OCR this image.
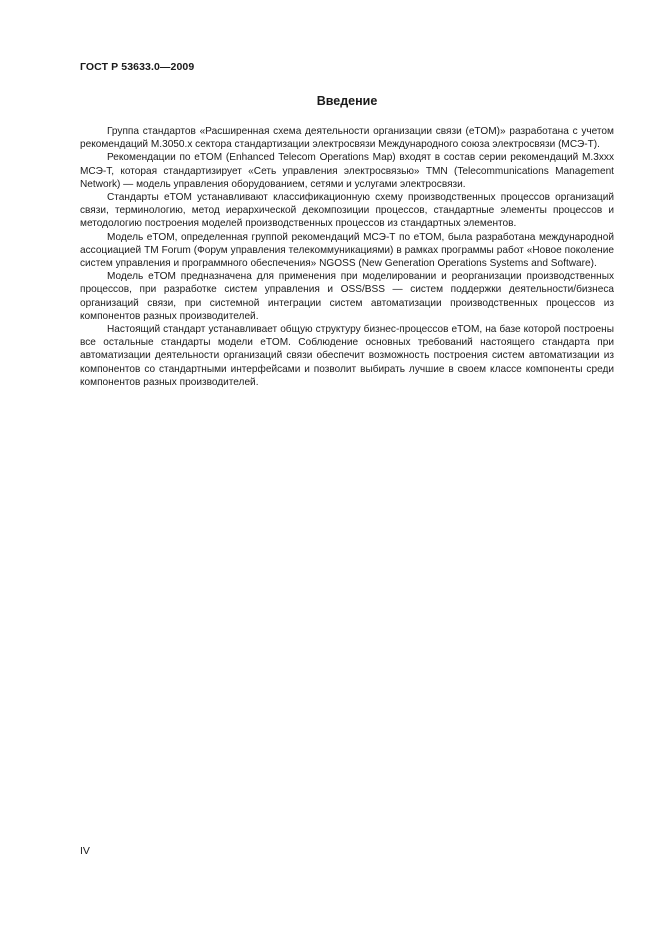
ГОСТ Р 53633.0—2009
Введение

Группа стандартов «Расширенная схема деятельности организации связи (eTOM)» разработана с учетом рекомендаций M.3050.x сектора стандартизации электросвязи Международного союза электросвязи (МСЭ-Т).

Рекомендации по eTOM (Enhanced Telecom Operations Map) входят в состав серии рекомендаций M.3xxx МСЭ-Т, которая стандартизирует «Сеть управления электросвязью» TMN (Telecommunications Management Network) — модель управления оборудованием, сетями и услугами электросвязи.

Стандарты eTOM устанавливают классификационную схему производственных процессов организаций связи, терминологию, метод иерархической декомпозиции процессов, стандартные элементы процессов и методологию построения моделей производственных процессов из стандартных элементов.

Модель eTOM, определенная группой рекомендаций МСЭ-Т по eTOM, была разработана международной ассоциацией TM Forum (Форум управления телекоммуникациями) в рамках программы работ «Новое поколение систем управления и программного обеспечения» NGOSS (New Generation Operations Systems and Software).

Модель eTOM предназначена для применения при моделировании и реорганизации производственных процессов, при разработке систем управления и OSS/BSS — систем поддержки деятельности/бизнеса организаций связи, при системной интеграции систем автоматизации производственных процессов из компонентов разных производителей.

Настоящий стандарт устанавливает общую структуру бизнес-процессов eTOM, на базе которой построены все остальные стандарты модели eTOM. Соблюдение основных требований настоящего стандарта при автоматизации деятельности организаций связи обеспечит возможность построения систем автоматизации из компонентов со стандартными интерфейсами и позволит выбирать лучшие в своем классе компоненты среди компонентов разных производителей.

IV
